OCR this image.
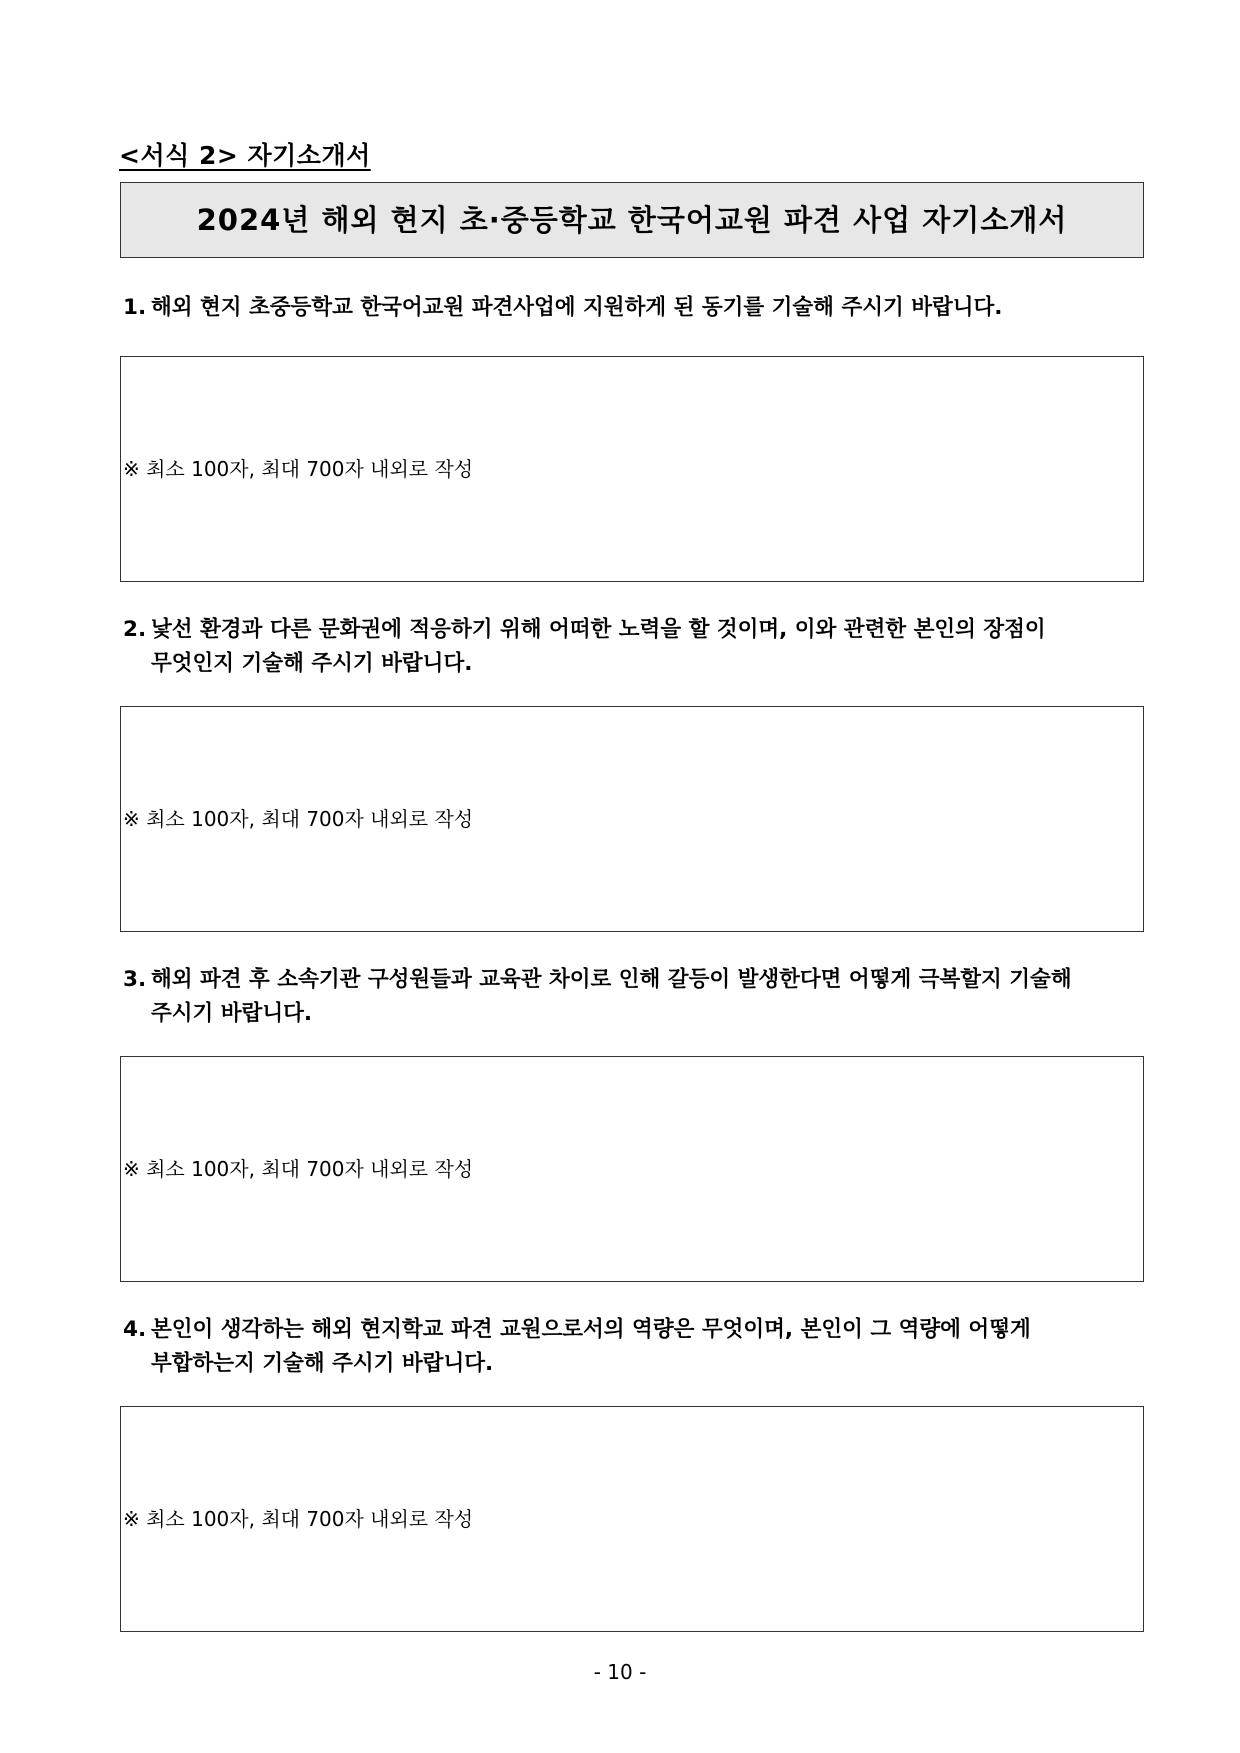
<서식 2> 자기소개서
2024년 해외 현지 초·중등학교 한국어교원 파견 사업 자기소개서
1. 해외 현지 초중등학교 한국어교원 파견사업에 지원하게 된 동기를 기술해 주시기 바랍니다.
※ 최소 100자, 최대 700자 내외로 작성
2. 낯선 환경과 다른 문화권에 적응하기 위해 어떠한 노력을 할 것이며, 이와 관련한 본인의 장점이 무엇인지 기술해 주시기 바랍니다.
※ 최소 100자, 최대 700자 내외로 작성
3. 해외 파견 후 소속기관 구성원들과 교육관 차이로 인해 갈등이 발생한다면 어떻게 극복할지 기술해 주시기 바랍니다.
※ 최소 100자, 최대 700자 내외로 작성
4. 본인이 생각하는 해외 현지학교 파견 교원으로서의 역량은 무엇이며, 본인이 그 역량에 어떻게 부합하는지 기술해 주시기 바랍니다.
※ 최소 100자, 최대 700자 내외로 작성
- 10 -
